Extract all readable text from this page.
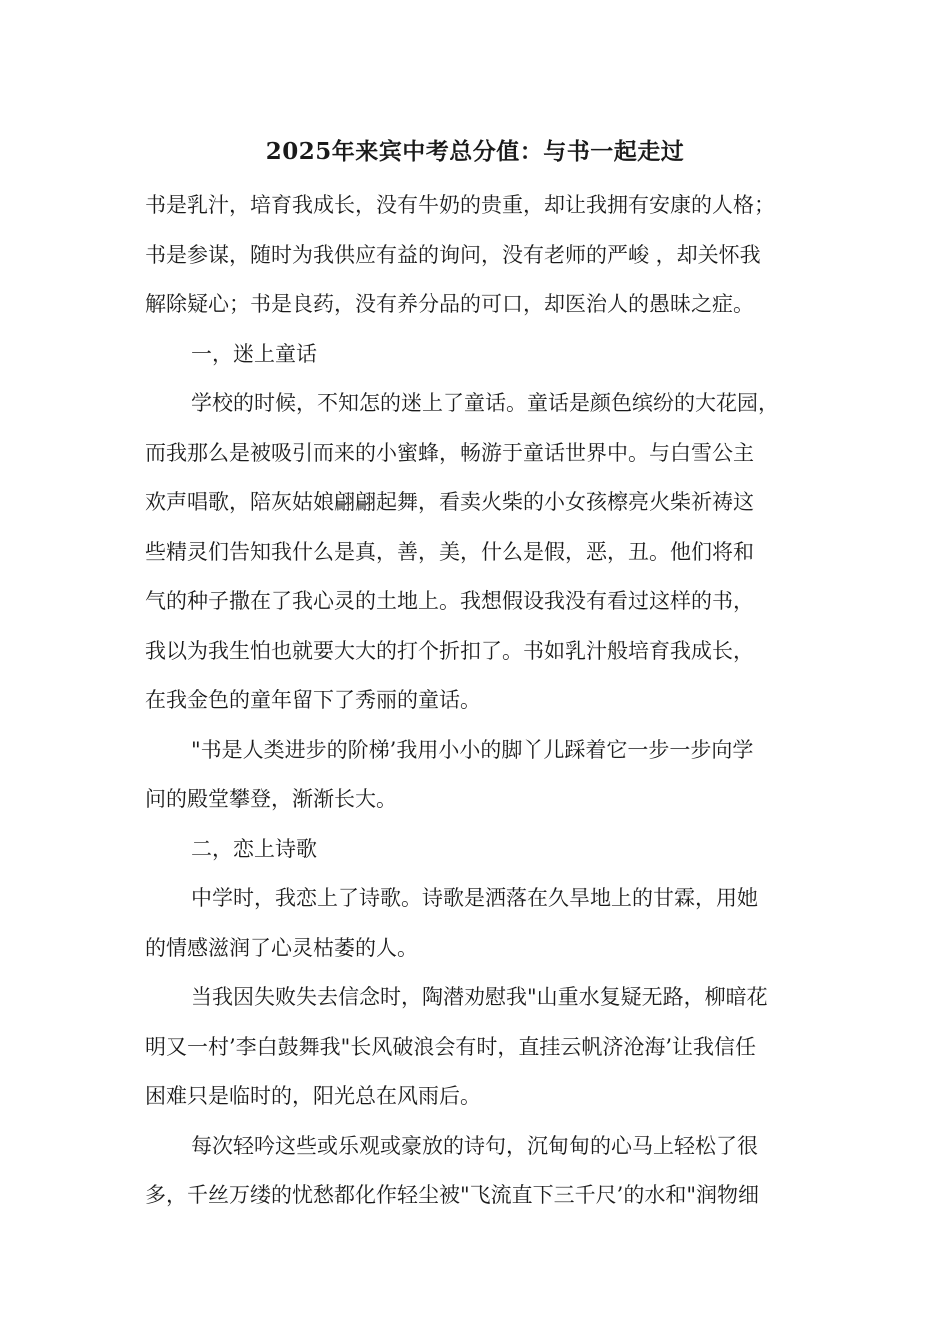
2025年来宾中考总分值：与书一起走过
书是乳汁，培育我成长，没有牛奶的贵重，却让我拥有安康的人格；
书是参谋，随时为我供应有益的询问，没有老师的严峻 ，却关怀我
解除疑心；书是良药，没有养分品的可口，却医治人的愚昧之症。
一，迷上童话
学校的时候，不知怎的迷上了童话。童话是颜色缤纷的大花园，
而我那么是被吸引而来的小蜜蜂，畅游于童话世界中。与白雪公主
欢声唱歌，陪灰姑娘翩翩起舞，看卖火柴的小女孩檫亮火柴祈祷这
些精灵们告知我什么是真，善，美，什么是假，恶，丑。他们将和
气的种子撒在了我心灵的土地上。我想假设我没有看过这样的书，
我以为我生怕也就要大大的打个折扣了。书如乳汁般培育我成长，
在我金色的童年留下了秀丽的童话。
"书是人类进步的阶梯’我用小小的脚丫儿踩着它一步一步向学
问的殿堂攀登，渐渐长大。
二，恋上诗歌
中学时，我恋上了诗歌。诗歌是洒落在久旱地上的甘霖，用她
的情感滋润了心灵枯萎的人。
当我因失败失去信念时，陶潜劝慰我"山重水复疑无路，柳暗花
明又一村’李白鼓舞我"长风破浪会有时，直挂云帆济沧海’让我信任
困难只是临时的，阳光总在风雨后。
每次轻吟这些或乐观或豪放的诗句，沉甸甸的心马上轻松了很
多，千丝万缕的忧愁都化作轻尘被"飞流直下三千尺’的水和"润物细
